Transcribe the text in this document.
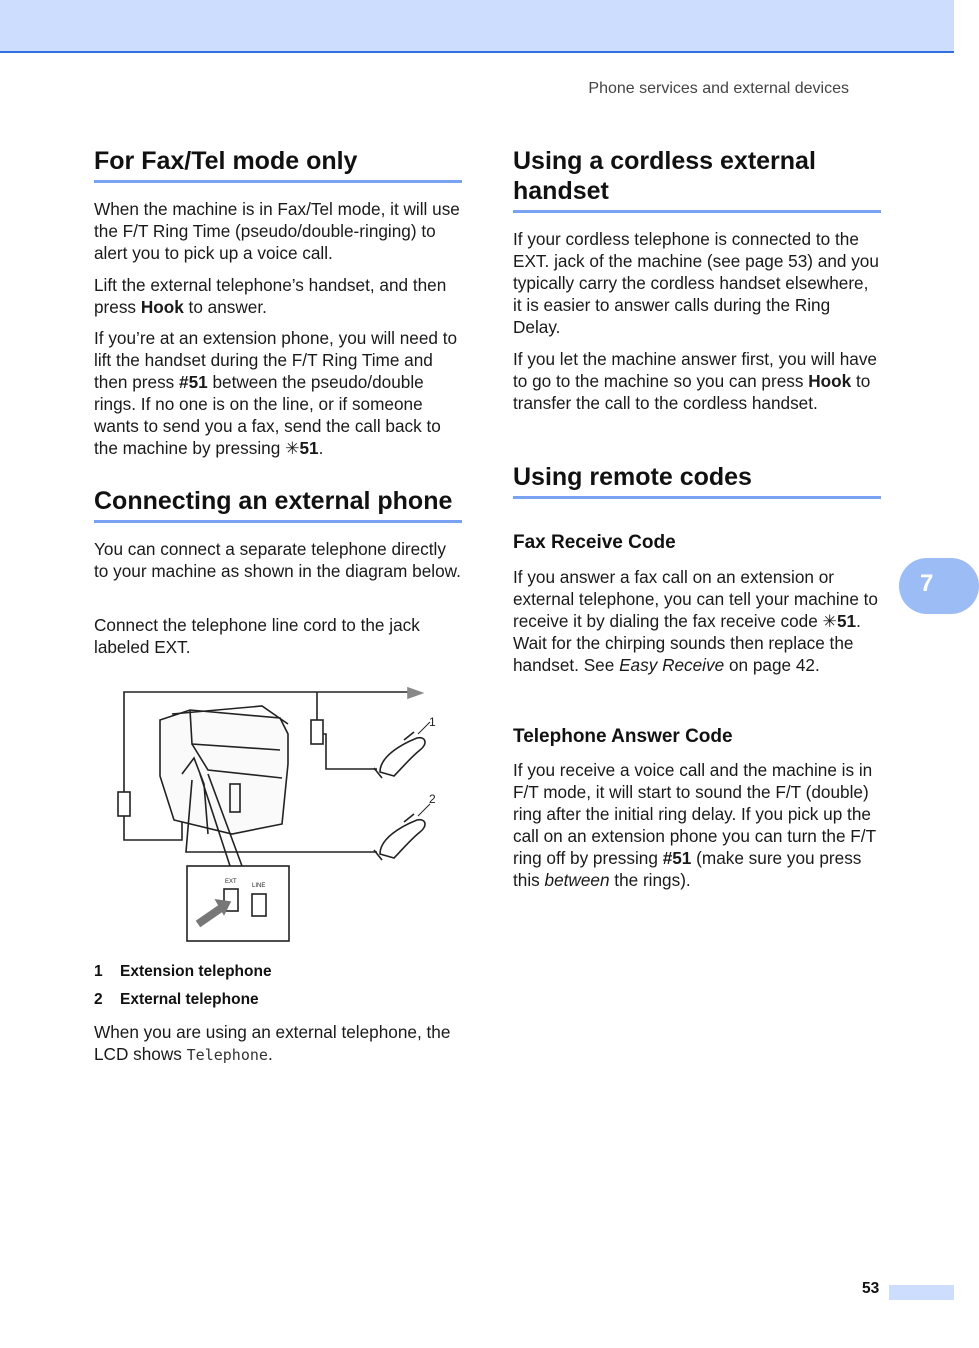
Phone services and external devices
For Fax/Tel mode only

When the machine is in Fax/Tel mode, it will use the F/T Ring Time (pseudo/double-ringing) to alert you to pick up a voice call.

Lift the external telephone’s handset, and then press Hook to answer.

If you’re at an extension phone, you will need to lift the handset during the F/T Ring Time and then press #51 between the pseudo/double rings. If no one is on the line, or if someone wants to send you a fax, send the call back to the machine by pressing ✳51.

Connecting an external phone

You can connect a separate telephone directly to your machine as shown in the diagram below.

Connect the telephone line cord to the jack labeled EXT.

1 Extension telephone
2 External telephone

When you are using an external telephone, the LCD shows Telephone.

1
2
EXT
LINE
Using a cordless external
handset

If your cordless telephone is connected to the EXT. jack of the machine (see page 53) and you typically carry the cordless handset elsewhere, it is easier to answer calls during the Ring Delay.

If you let the machine answer first, you will have to go to the machine so you can press Hook to transfer the call to the cordless handset.

Using remote codes
Fax Receive Code

If you answer a fax call on an extension or external telephone, you can tell your machine to receive it by dialing the fax receive code ✳51. Wait for the chirping sounds then replace the handset. See Easy Receive on page 42.

Telephone Answer Code

If you receive a voice call and the machine is in F/T mode, it will start to sound the F/T (double) ring after the initial ring delay. If you pick up the call on an extension phone you can turn the F/T ring off by pressing #51 (make sure you press this between the rings).

7
53
